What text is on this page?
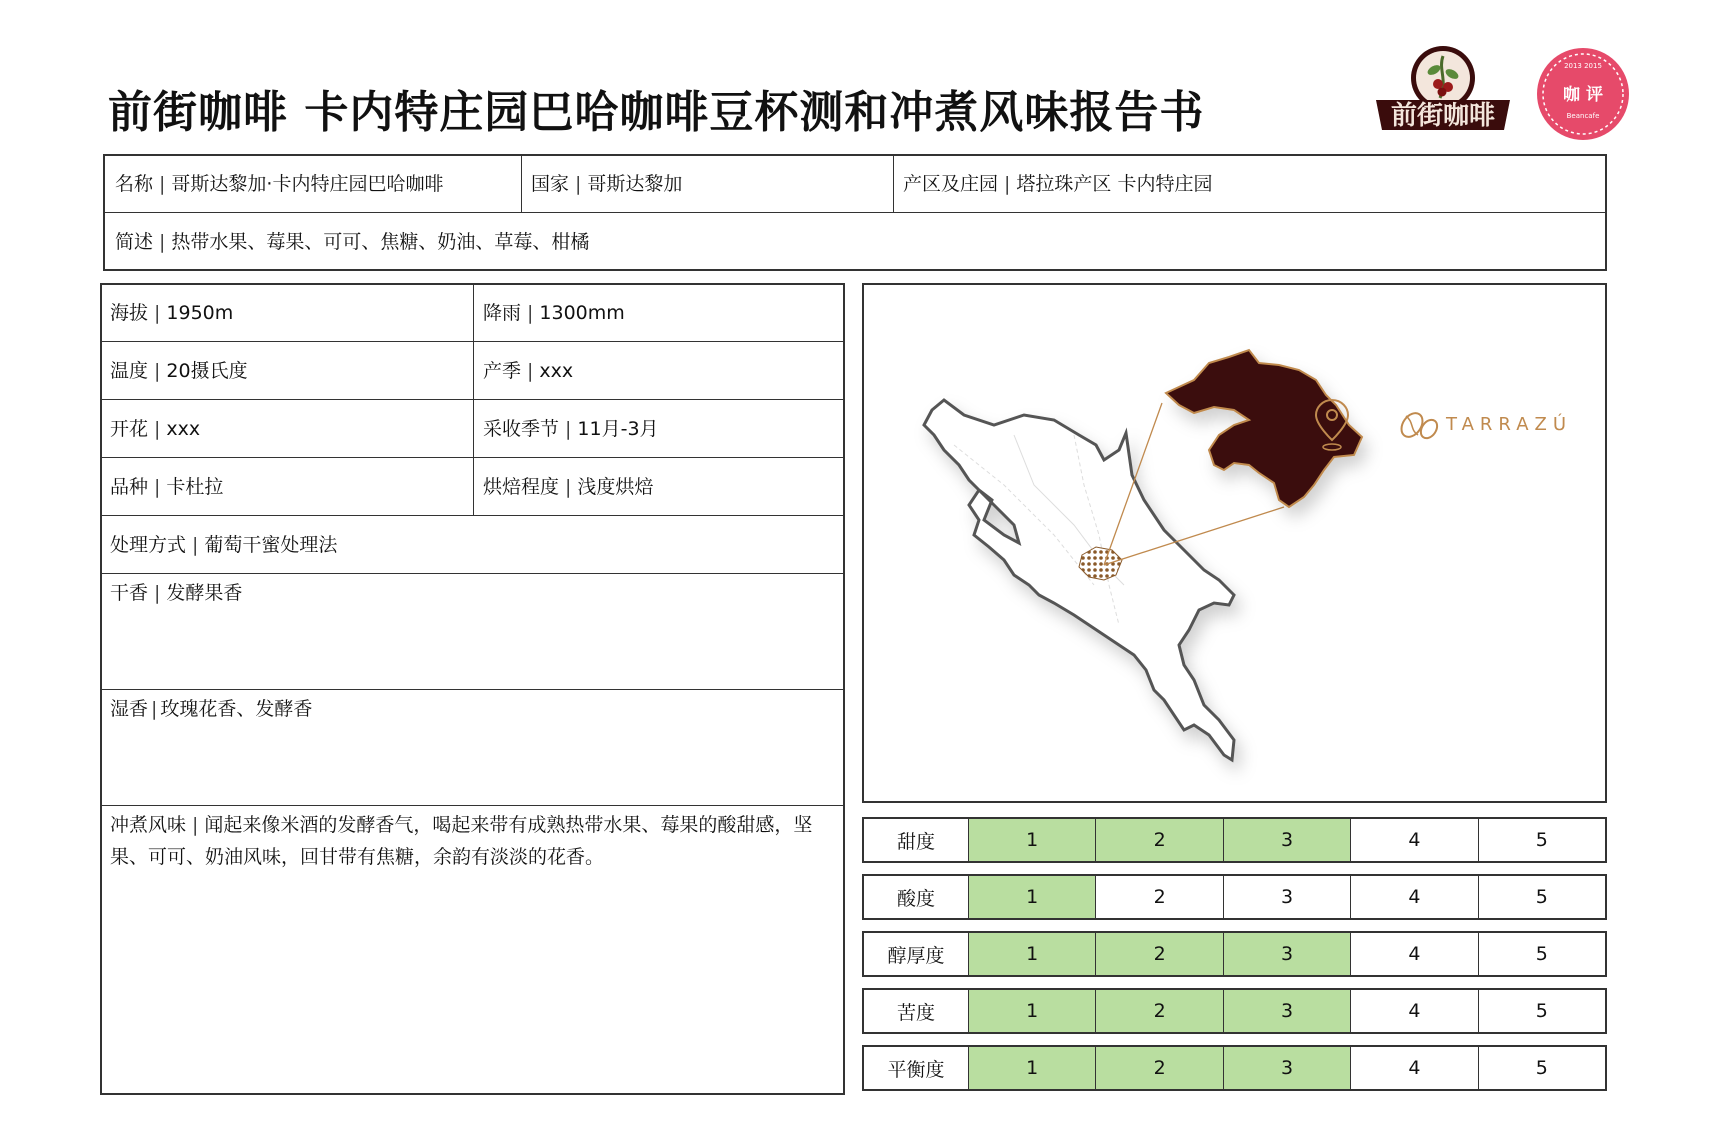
前街咖啡 卡内特庄园巴哈咖啡豆杯测和冲煮风味报告书	前街咖啡
2013 2015
咖 评
Beancafe
名称 | 哥斯达黎加·卡内特庄园巴哈咖啡	国家 | 哥斯达黎加	产区及庄园 | 塔拉珠产区 卡内特庄园
简述 | 热带水果、莓果、可可、焦糖、奶油、草莓、柑橘
海拔 | 1950m	降雨 | 1300mm
温度 | 20摄氏度	产季 | xxx
开花 | xxx	采收季节 | 11月-3月
品种 | 卡杜拉	烘焙程度 | 浅度烘焙
处理方式 | 葡萄干蜜处理法
干香 | 发酵果香
湿香 | 玫瑰花香、发酵香
冲煮风味 | 闻起来像米酒的发酵香气，喝起来带有成熟热带水果、莓果的酸甜感，坚果、可可、奶油风味，回甘带有焦糖，余韵有淡淡的花香。
TARRAZÚ
甜度	1	2	3	4	5
酸度	1	2	3	4	5
醇厚度	1	2	3	4	5
苦度	1	2	3	4	5
平衡度	1	2	3	4	5
